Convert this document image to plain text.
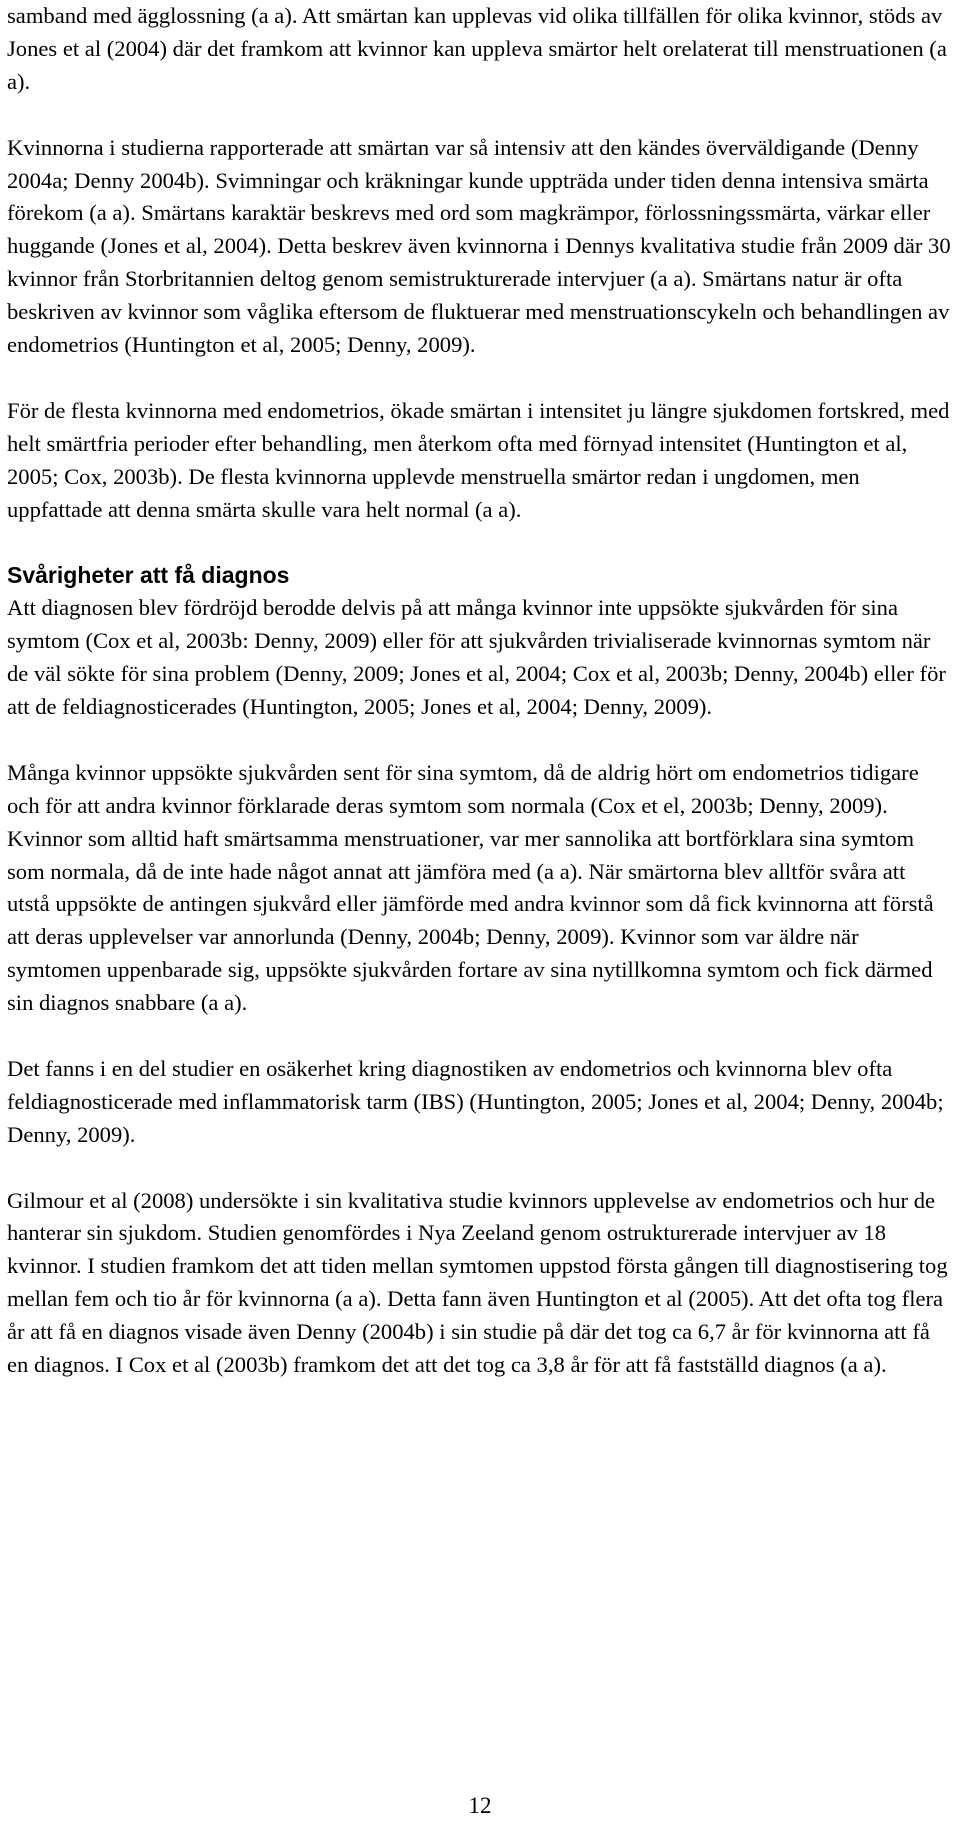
samband med ägglossning (a a). Att smärtan kan upplevas vid olika tillfällen för olika kvinnor, stöds av Jones et al (2004) där det framkom att kvinnor kan uppleva smärtor helt orelaterat till menstruationen (a a).

Kvinnorna i studierna rapporterade att smärtan var så intensiv att den kändes överväldigande (Denny 2004a; Denny 2004b). Svimningar och kräkningar kunde uppträda under tiden denna intensiva smärta förekom (a a). Smärtans karaktär beskrevs med ord som magkrämpor, förlossningssmärta, värkar eller huggande (Jones et al, 2004). Detta beskrev även kvinnorna i Dennys kvalitativa studie från 2009 där 30 kvinnor från Storbritannien deltog genom semistrukturerade intervjuer (a a). Smärtans natur är ofta beskriven av kvinnor som våglika eftersom de fluktuerar med menstruationscykeln och behandlingen av endometrios (Huntington et al, 2005; Denny, 2009).

För de flesta kvinnorna med endometrios, ökade smärtan i intensitet ju längre sjukdomen fortskred, med helt smärtfria perioder efter behandling, men återkom ofta med förnyad intensitet (Huntington et al, 2005; Cox, 2003b). De flesta kvinnorna upplevde menstruella smärtor redan i ungdomen, men uppfattade att denna smärta skulle vara helt normal (a a).

Svårigheter att få diagnos

Att diagnosen blev fördröjd berodde delvis på att många kvinnor inte uppsökte sjukvården för sina symtom (Cox et al, 2003b: Denny, 2009) eller för att sjukvården trivialiserade kvinnornas symtom när de väl sökte för sina problem (Denny, 2009; Jones et al, 2004; Cox et al, 2003b; Denny, 2004b) eller för att de feldiagnosticerades (Huntington, 2005; Jones et al, 2004; Denny, 2009).

Många kvinnor uppsökte sjukvården sent för sina symtom, då de aldrig hört om endometrios tidigare och för att andra kvinnor förklarade deras symtom som normala (Cox et el, 2003b; Denny, 2009). Kvinnor som alltid haft smärtsamma menstruationer, var mer sannolika att bortförklara sina symtom som normala, då de inte hade något annat att jämföra med (a a). När smärtorna blev alltför svåra att utstå uppsökte de antingen sjukvård eller jämförde med andra kvinnor som då fick kvinnorna att förstå att deras upplevelser var annorlunda (Denny, 2004b; Denny, 2009). Kvinnor som var äldre när symtomen uppenbarade sig, uppsökte sjukvården fortare av sina nytillkomna symtom och fick därmed sin diagnos snabbare (a a).

Det fanns i en del studier en osäkerhet kring diagnostiken av endometrios och kvinnorna blev ofta feldiagnosticerade med inflammatorisk tarm (IBS) (Huntington, 2005; Jones et al, 2004; Denny, 2004b; Denny, 2009).

Gilmour et al (2008) undersökte i sin kvalitativa studie kvinnors upplevelse av endometrios och hur de hanterar sin sjukdom. Studien genomfördes i Nya Zeeland genom ostrukturerade intervjuer av 18 kvinnor. I studien framkom det att tiden mellan symtomen uppstod första gången till diagnostisering tog mellan fem och tio år för kvinnorna (a a). Detta fann även Huntington et al (2005). Att det ofta tog flera år att få en diagnos visade även Denny (2004b) i sin studie på där det tog ca 6,7 år för kvinnorna att få en diagnos. I Cox et al (2003b) framkom det att det tog ca 3,8 år för att få fastställd diagnos (a a).

12
